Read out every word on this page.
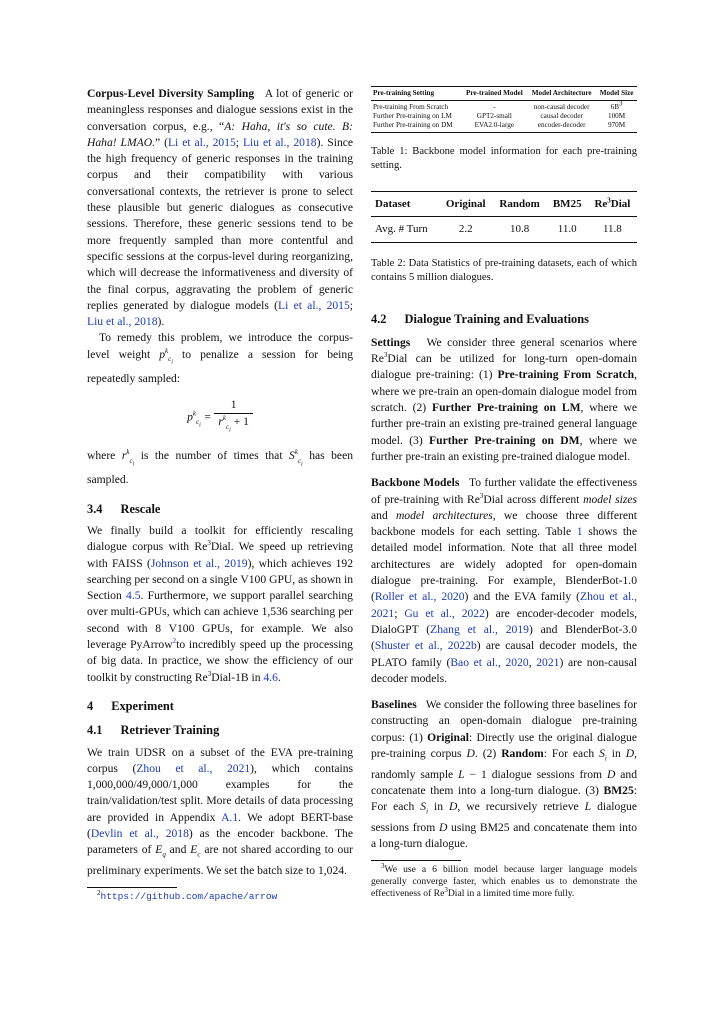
Corpus-Level Diversity Sampling A lot of generic or meaningless responses and dialogue sessions exist in the conversation corpus, e.g., “A: Haha, it's so cute. B: Haha! LMAO.” (Li et al., 2015; Liu et al., 2018). Since the high frequency of generic responses in the training corpus and their compatibility with various conversational contexts, the retriever is prone to select these plausible but generic dialogues as consecutive sessions. Therefore, these generic sessions tend to be more frequently sampled than more contentful and specific sessions at the corpus-level during reorganizing, which will decrease the informativeness and diversity of the final corpus, aggravating the problem of generic replies generated by dialogue models (Li et al., 2015; Liu et al., 2018).

To remedy this problem, we introduce the corpus-level weight $p^k_{c_i}$ to penalize a session for being repeatedly sampled:

$p^k_{c_i} = \frac{1}{r^k_{c_i} + 1}$

where $r^k_{c_i}$ is the number of times that $S^k_{c_i}$ has been sampled.

3.4 Rescale

We finally build a toolkit for efficiently rescaling dialogue corpus with Re$^3$Dial. We speed up retrieving with FAISS (Johnson et al., 2019), which achieves 192 searching per second on a single V100 GPU, as shown in Section 4.5. Furthermore, we support parallel searching over multi-GPUs, which can achieve 1,536 searching per second with 8 V100 GPUs, for example. We also leverage PyArrow$^2$to incredibly speed up the processing of big data. In practice, we show the efficiency of our toolkit by constructing Re$^3$Dial-1B in 4.6.

4 Experiment
4.1 Retriever Training

We train UDSR on a subset of the EVA pre-training corpus (Zhou et al., 2021), which contains 1,000,000/49,000/1,000 examples for the train/validation/test split. More details of data processing are provided in Appendix A.1. We adopt BERT-base (Devlin et al., 2018) as the encoder backbone. The parameters of $E_q$ and $E_c$ are not shared according to our preliminary experiments. We set the batch size to 1,024.

$^2$https://github.com/apache/arrow
Pre-training Setting	Pre-trained Model	Model Architecture	Model Size
Pre-training From Scratch	-	non-causal decoder	$6B^3$
Further Pre-training on LM	GPT2-small	causal decoder	100M
Further Pre-training on DM	EVA2.0-large	encoder-decoder	970M

Table 1: Backbone model information for each pre-training setting.

Dataset	Original	Random	BM25	Re$^3$Dial
Avg. # Turn	2.2	10.8	11.0	11.8

Table 2: Data Statistics of pre-training datasets, each of which contains 5 million dialogues.

4.2 Dialogue Training and Evaluations

Settings We consider three general scenarios where Re$^3$Dial can be utilized for long-turn open-domain dialogue pre-training: (1) Pre-training From Scratch, where we pre-train an open-domain dialogue model from scratch. (2) Further Pre-training on LM, where we further pre-train an existing pre-trained general language model. (3) Further Pre-training on DM, where we further pre-train an existing pre-trained dialogue model.

Backbone Models To further validate the effectiveness of pre-training with Re$^3$Dial across different model sizes and model architectures, we choose three different backbone models for each setting. Table 1 shows the detailed model information. Note that all three model architectures are widely adopted for open-domain dialogue pre-training. For example, BlenderBot-1.0 (Roller et al., 2020) and the EVA family (Zhou et al., 2021; Gu et al., 2022) are encoder-decoder models, DialoGPT (Zhang et al., 2019) and BlenderBot-3.0 (Shuster et al., 2022b) are causal decoder models, the PLATO family (Bao et al., 2020, 2021) are non-causal decoder models.

Baselines We consider the following three baselines for constructing an open-domain dialogue pre-training corpus: (1) Original: Directly use the original dialogue pre-training corpus D. (2) Random: For each $S_i$ in D, randomly sample L − 1 dialogue sessions from D and concatenate them into a long-turn dialogue. (3) BM25: For each $S_i$ in D, we recursively retrieve L dialogue sessions from D using BM25 and concatenate them into a long-turn dialogue.

$^3$We use a 6 billion model because larger language models generally converge faster, which enables us to demonstrate the effectiveness of Re$^3$Dial in a limited time more fully.
